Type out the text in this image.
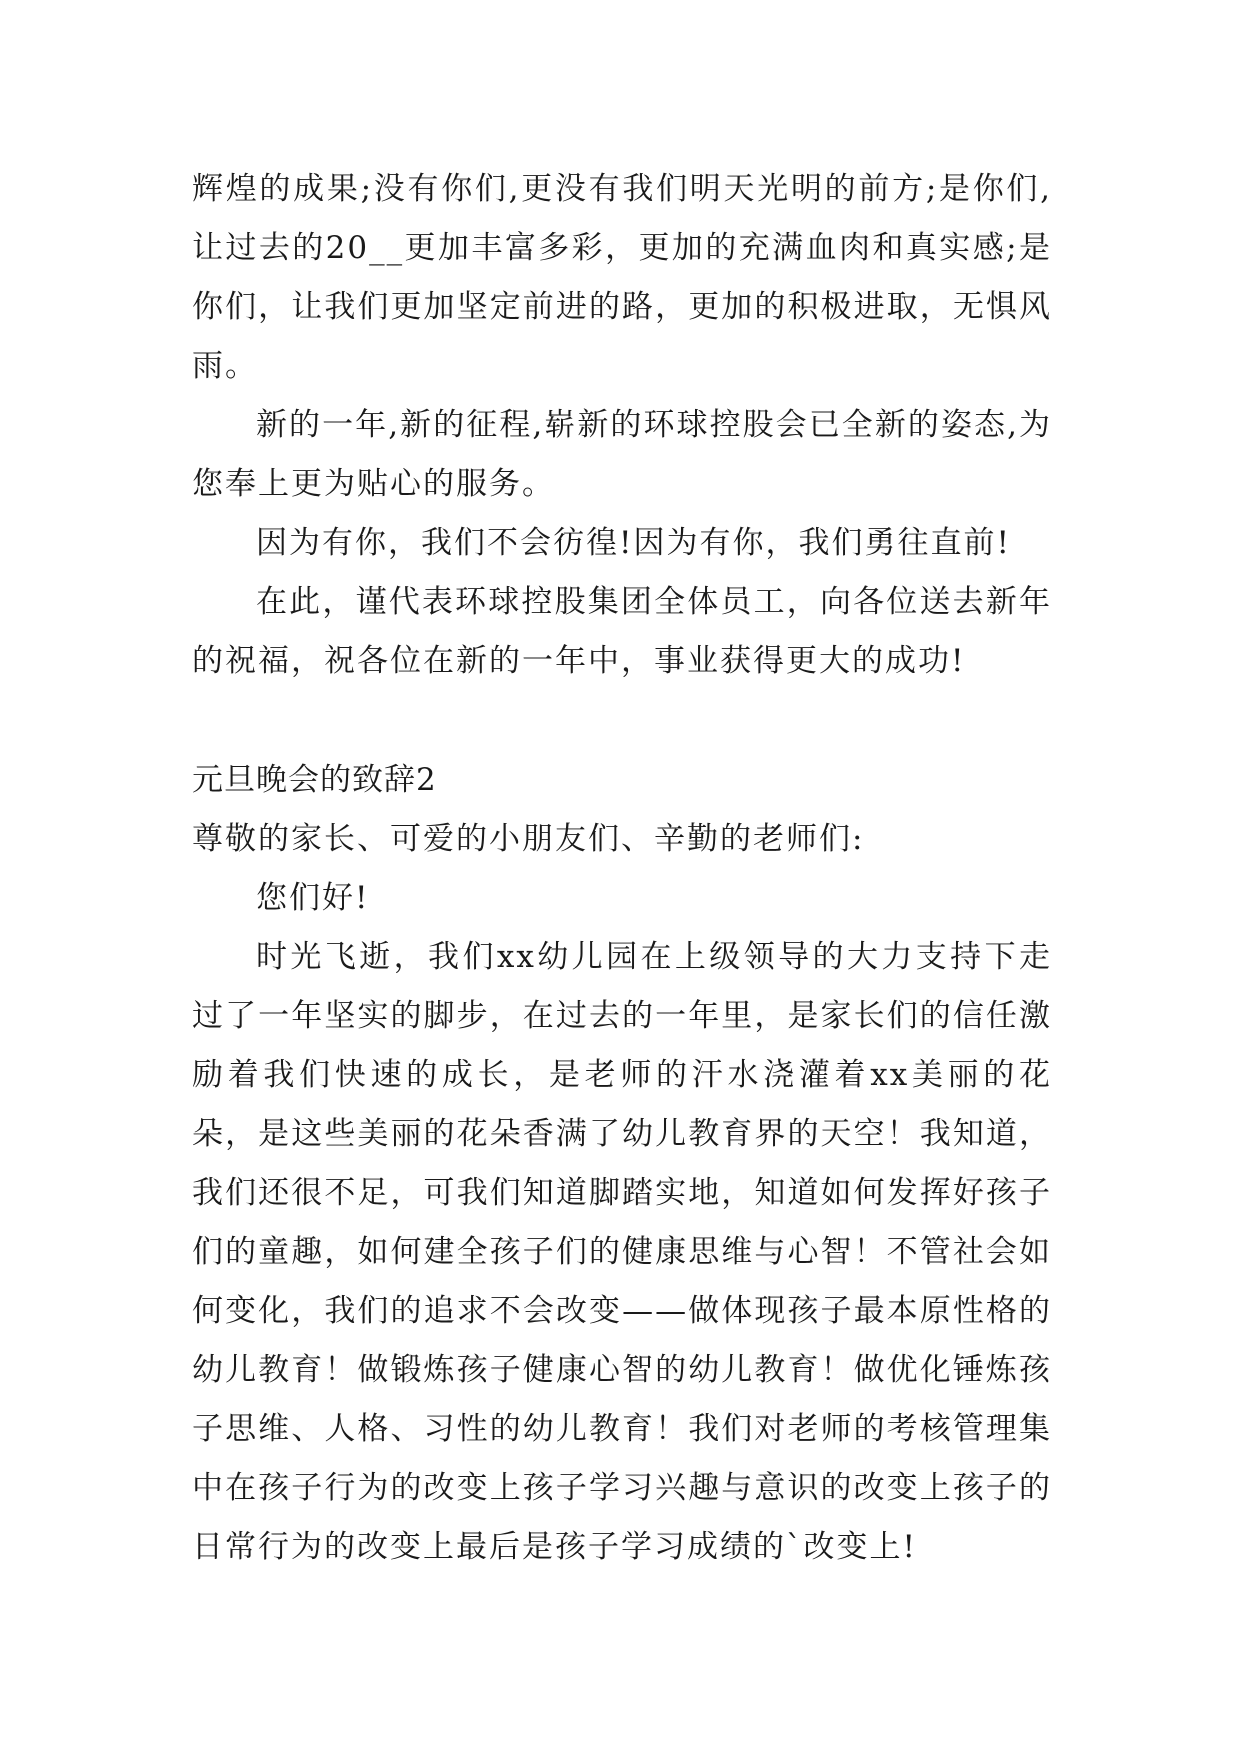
辉煌的成果;没有你们,更没有我们明天光明的前方;是你们,让过去的20__更加丰富多彩，更加的充满血肉和真实感;是你们，让我们更加坚定前进的路，更加的积极进取，无惧风雨。

新的一年,新的征程,崭新的环球控股会已全新的姿态,为您奉上更为贴心的服务。

因为有你，我们不会彷徨!因为有你，我们勇往直前!

在此，谨代表环球控股集团全体员工，向各位送去新年的祝福，祝各位在新的一年中，事业获得更大的成功!

元旦晚会的致辞2

尊敬的家长、可爱的小朋友们、辛勤的老师们:

您们好!

时光飞逝，我们xx幼儿园在上级领导的大力支持下走过了一年坚实的脚步，在过去的一年里，是家长们的信任激励着我们快速的成长，是老师的汗水浇灌着xx美丽的花朵，是这些美丽的花朵香满了幼儿教育界的天空！我知道，我们还很不足，可我们知道脚踏实地，知道如何发挥好孩子们的童趣，如何建全孩子们的健康思维与心智！不管社会如何变化，我们的追求不会改变——做体现孩子最本原性格的幼儿教育！做锻炼孩子健康心智的幼儿教育！做优化锤炼孩子思维、人格、习性的幼儿教育！我们对老师的考核管理集中在孩子行为的改变上孩子学习兴趣与意识的改变上孩子的日常行为的改变上最后是孩子学习成绩的`改变上!
